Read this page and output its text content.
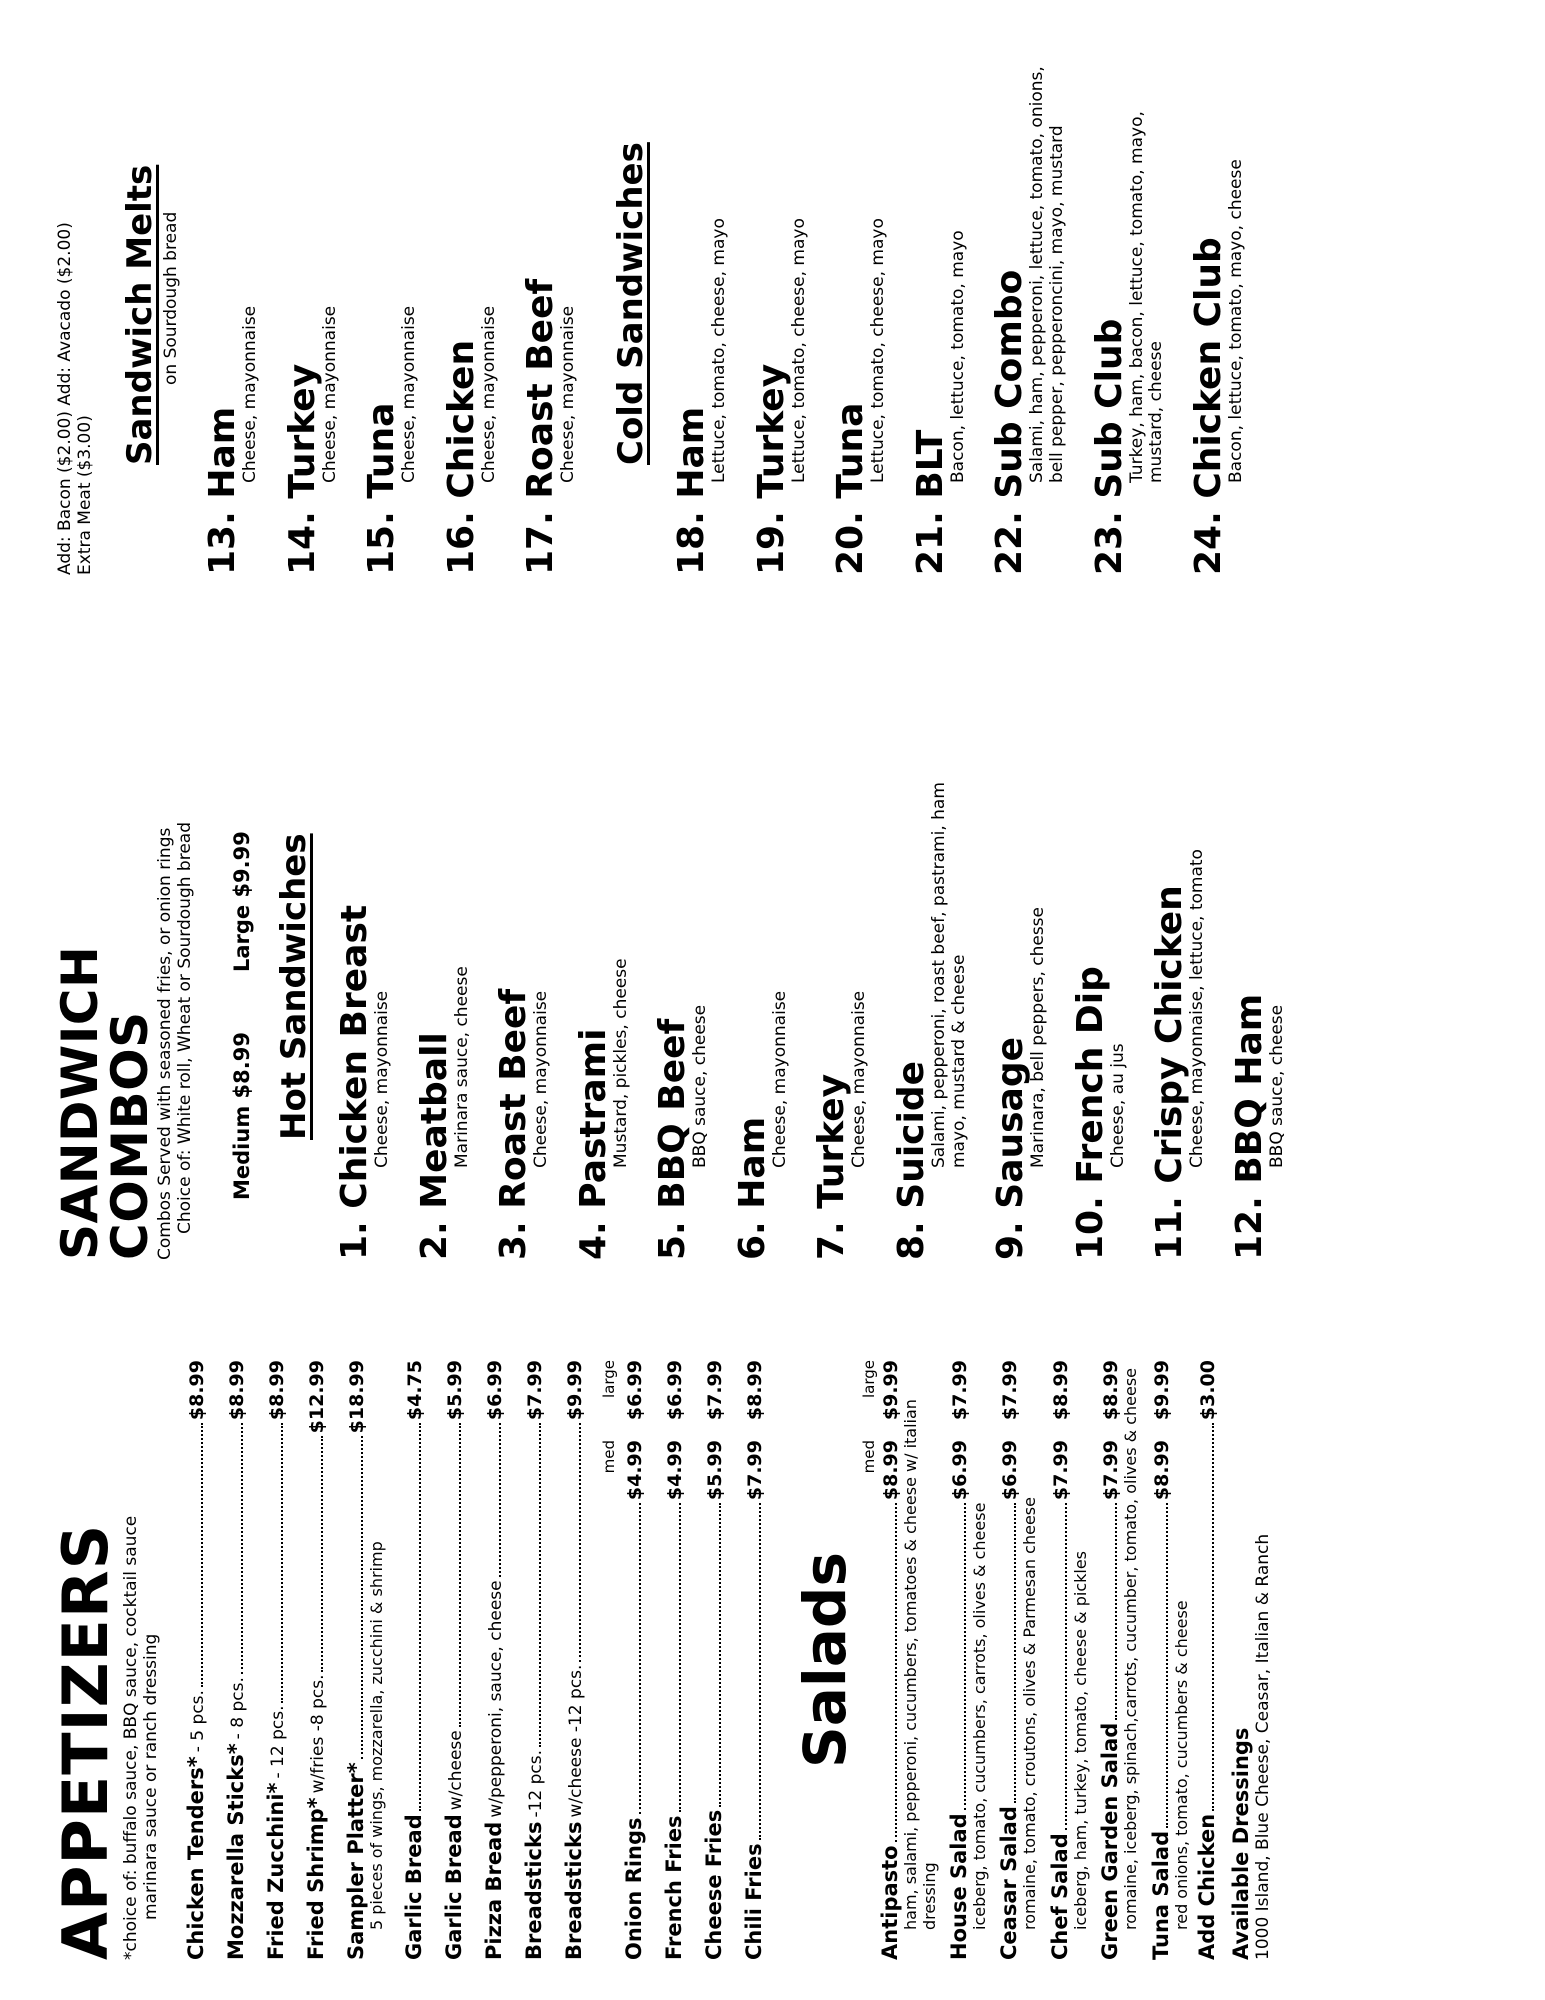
APPETIZERS *choice of: buffalo sauce, BBQ sauce, cocktail sauce marinara sauce or ranch dressing Chicken Tenders*
- 5 pcs.
$8.99
Mozzarella Sticks*
- 8 pcs.
$8.99
Fried Zucchini*
- 12 pcs.
$8.99
Fried Shrimp*
w/fries -8 pcs.
$12.99
Sampler Platter*
$18.99
5 pieces of wings, mozzarella, zucchini & shrimp Garlic Bread
$4.75
Garlic Bread
w/cheese
$5.99
Pizza Bread
w/pepperoni, sauce, cheese
$6.99
Breadsticks
-12 pcs.
$7.99
Breadsticks
w/cheese -12 pcs.
$9.99
med
large
Onion Rings
$4.99
$6.99
French Fries
$4.99
$6.99
Cheese Fries
$5.99
$7.99
Chili Fries
$7.99
$8.99
Salads
med
large
Antipasto
$8.99
$9.99
ham, salami, pepperoni, cucumbers, tomatoes & cheese w/ italian dressing House Salad
$6.99
$7.99
iceberg, tomato, cucumbers, carrots, olives & cheese Ceasar Salad
$6.99
$7.99
romaine, tomato, croutons, olives & Parmesan cheese Chef Salad
$7.99
$8.99
iceberg, ham, turkey, tomato, cheese & pickles Green Garden Salad
$7.99
$8.99 romaine, iceberg, spinach,carrots, cucumber, tomato, olives & cheese Tuna Salad
$8.99
$9.99
red onions, tomato, cucumbers & cheese Add Chicken
$3.00
Available Dressings 1000 Island, Blue Cheese, Ceasar, Italian & Ranch
SANDWICH COMBOS
Combos Served with seasoned fries, or onion rings Choice of: White roll, Wheat or Sourdough bread Medium $8.99
Large $9.99 Hot Sandwiches
1. Chicken Breast
Cheese, mayonnaise
2. Meatball
Marinara sauce, cheese
3. Roast Beef
Cheese, mayonnaise
4. Pastrami
Mustard, pickles, cheese
5. BBQ Beef
BBQ sauce, cheese
6. Ham
Cheese, mayonnaise
7. Turkey
Cheese, mayonnaise
8. Suicide
Salami, pepperoni, roast beef, pastrami, ham mayo, mustard & cheese
9. Sausage
Marinara, bell peppers, chesse
10. French Dip
Cheese, au jus
11. Crispy Chicken
Cheese, mayonnaise, lettuce, tomato
12. BBQ Ham
BBQ sauce, cheese
Add: Bacon ($2.00) Add: Avacado ($2.00) Extra Meat ($3.00)
Sandwich Melts on Sourdough bread
13. Ham
Cheese, mayonnaise
14. Turkey
Cheese, mayonnaise
15. Tuna
Cheese, mayonnaise
16. Chicken
Cheese, mayonnaise
17. Roast Beef
Cheese, mayonnaise Cold Sandwiches
18. Ham
Lettuce, tomato, cheese, mayo
19. Turkey
Lettuce, tomato, cheese, mayo
20. Tuna
Lettuce, tomato, cheese, mayo
21. BLT
Bacon, lettuce, tomato, mayo
22. Sub Combo
Salami, ham, pepperoni, lettuce, tomato, onions, bell pepper, pepperoncini, mayo, mustard
23. Sub Club
Turkey, ham, bacon, lettuce, tomato, mayo, mustard, cheese
24. Chicken Club
Bacon, lettuce, tomato, mayo, cheese
